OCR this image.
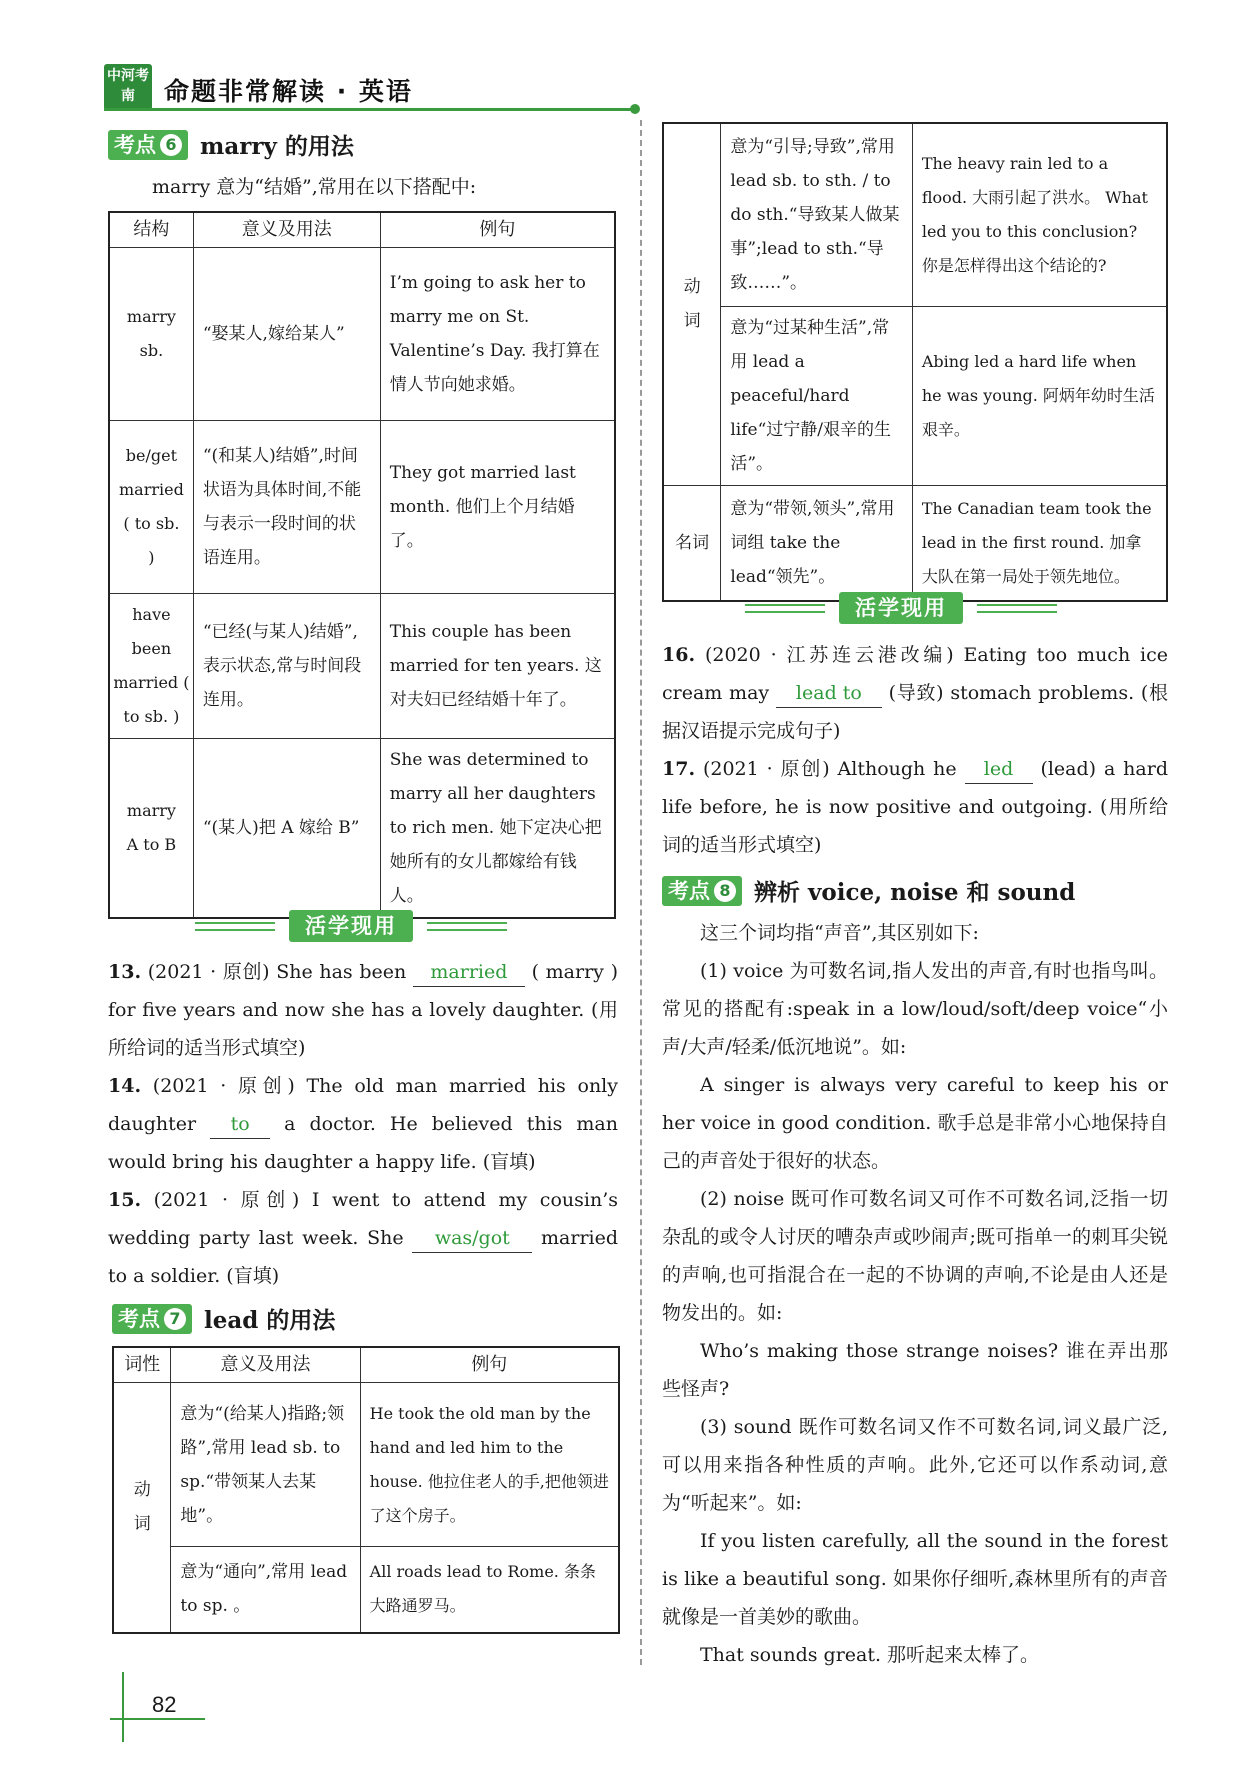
中河考南	命题非常解读 · 英语
考点 6 marry 的用法
marry 意为“结婚”,常用在以下搭配中:
结构	意义及用法	例句
marry sb.	“娶某人,嫁给某人”	I’m going to ask her to marry me on St. Valentine’s Day. 我打算在情人节向她求婚。
be/get married ( to sb. )	“(和某人)结婚”,时间状语为具体时间,不能与表示一段时间的状语连用。	They got married last month. 他们上个月结婚了。
have been married ( to sb. )	“已经(与某人)结婚”,表示状态,常与时间段连用。	This couple has been married for ten years. 这对夫妇已经结婚十年了。
marry A to B	“(某人)把 A 嫁给 B”	She was determined to marry all her daughters to rich men. 她下定决心把她所有的女儿都嫁给有钱人。
活学现用
13. (2021 · 原创) She has been married ( marry ) for five years and now she has a lovely daughter. (用所给词的适当形式填空)
14. (2021 · 原创) The old man married his only daughter to a doctor. He believed this man would bring his daughter a happy life. (盲填)
15. (2021 · 原创) I went to attend my cousin’s wedding party last week. She was/got married to a soldier. (盲填)
考点 7 lead 的用法
词性	意义及用法	例句
动词	意为“(给某人)指路;领路”,常用 lead sb. to sp.“带领某人去某地”。	He took the old man by the hand and led him to the house. 他拉住老人的手,把他领进了这个房子。
	意为“通向”,常用 lead to sp. 。	All roads lead to Rome. 条条大路通罗马。
动词	意为“引导;导致”,常用 lead sb. to sth. / to do sth.“导致某人做某事”;lead to sth.“导致……”。	The heavy rain led to a flood. 大雨引起了洪水。 What led you to this conclusion? 你是怎样得出这个结论的?
	意为“过某种生活”,常用 lead a peaceful/hard life“过宁静/艰辛的生活”。	Abing led a hard life when he was young. 阿炳年幼时生活艰辛。
名词	意为“带领,领头”,常用词组 take the lead“领先”。	The Canadian team took the lead in the first round. 加拿大队在第一局处于领先地位。
活学现用
16. (2020 · 江苏连云港改编) Eating too much ice cream may lead to (导致) stomach problems. (根据汉语提示完成句子)
17. (2021 · 原创) Although he led (lead) a hard life before, he is now positive and outgoing. (用所给词的适当形式填空)
考点 8 辨析 voice, noise 和 sound
这三个词均指“声音”,其区别如下:
(1) voice 为可数名词,指人发出的声音,有时也指鸟叫。常见的搭配有:speak in a low/loud/soft/deep voice“小声/大声/轻柔/低沉地说”。如:
A singer is always very careful to keep his or her voice in good condition. 歌手总是非常小心地保持自己的声音处于很好的状态。
(2) noise 既可作可数名词又可作不可数名词,泛指一切杂乱的或令人讨厌的嘈杂声或吵闹声;既可指单一的刺耳尖锐的声响,也可指混合在一起的不协调的声响,不论是由人还是物发出的。如:
Who’s making those strange noises? 谁在弄出那些怪声?
(3) sound 既作可数名词又作不可数名词,词义最广泛,可以用来指各种性质的声响。此外,它还可以作系动词,意为“听起来”。如:
If you listen carefully, all the sound in the forest is like a beautiful song. 如果你仔细听,森林里所有的声音就像是一首美妙的歌曲。
That sounds great. 那听起来太棒了。
82
